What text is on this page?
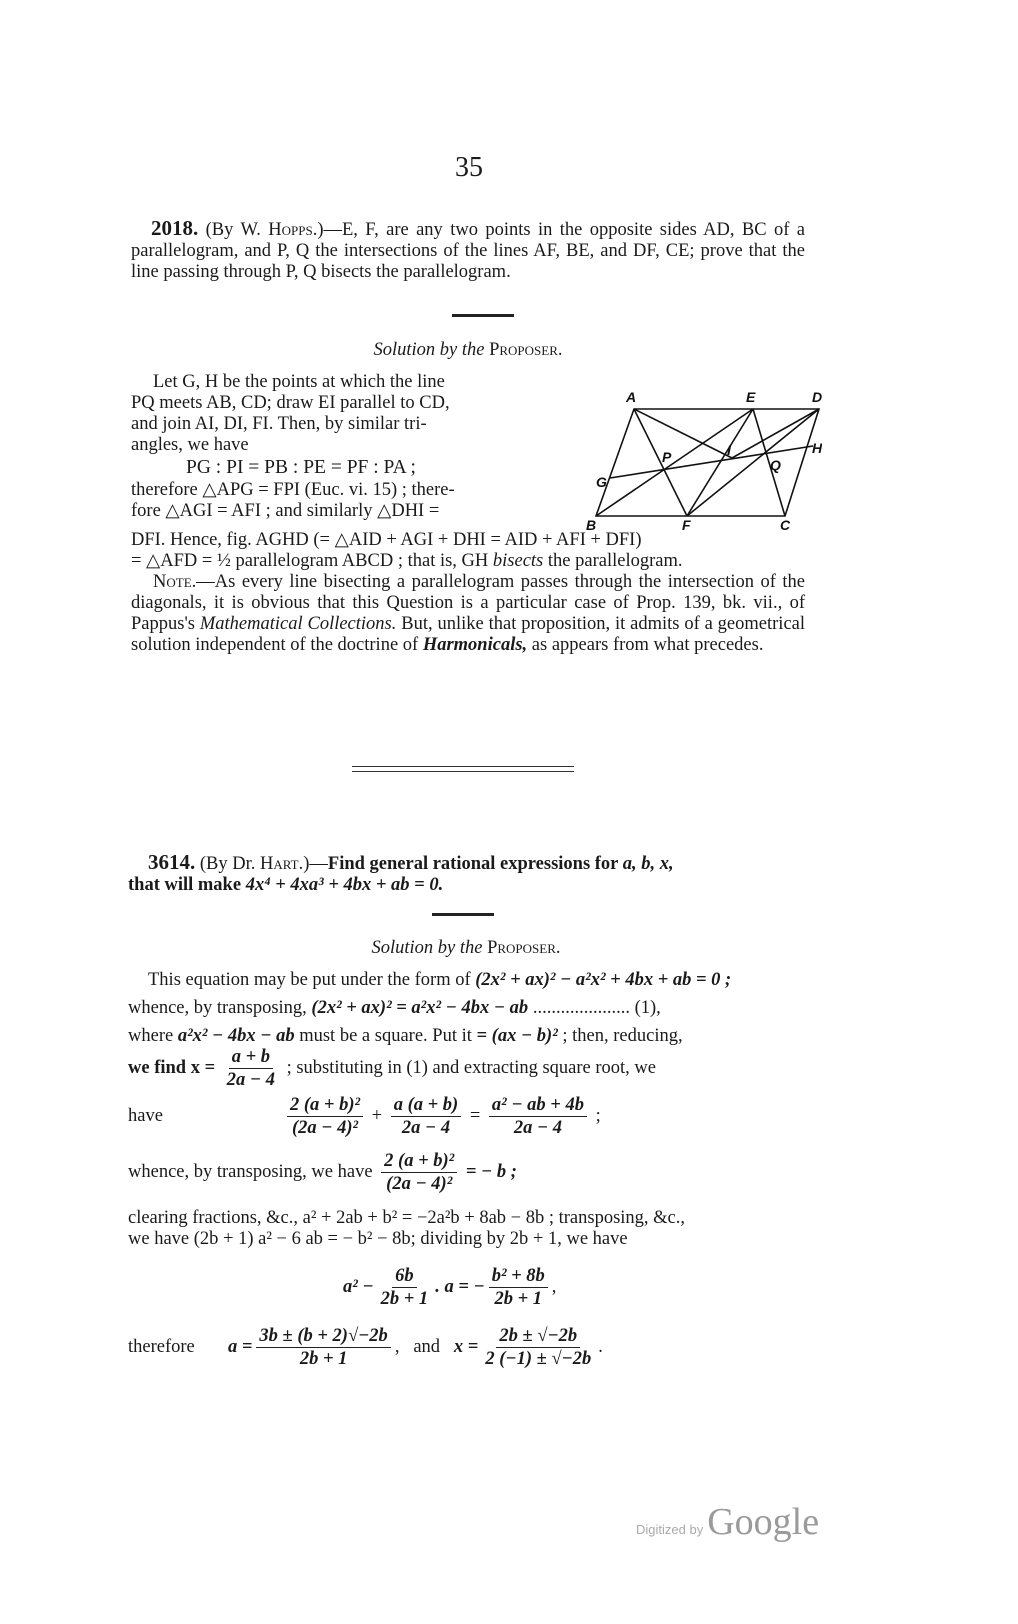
35
2018. (By W. Hopps.)—E, F, are any two points in the opposite sides AD, BC of a parallelogram, and P, Q the intersections of the lines AF, BE, and DF, CE; prove that the line passing through P, Q bisects the parallelogram.
Solution by the Proposer.
Let G, H be the points at which the line
PQ meets AB, CD; draw EI parallel to CD,
and join AI, DI, FI. Then, by similar tri-
angles, we have
PG : PI = PB : PE = PF : PA ;
therefore △APG = FPI (Euc. vi. 15) ; there-
fore △AGI = AFI ; and similarly △DHI =
A	E	D
P	I	H
Q
G
B	F	C
DFI. Hence, fig. AGHD (= △AID + AGI + DHI = AID + AFI + DFI)
= △AFD = ½ parallelogram ABCD ; that is, GH bisects the parallelogram.
Note.—As every line bisecting a parallelogram passes through the intersection of the diagonals, it is obvious that this Question is a particular case of Prop. 139, bk. vii., of Pappus's Mathematical Collections. But, unlike that proposition, it admits of a geometrical solution independent of the doctrine of Harmonicals, as appears from what precedes.
3614. (By Dr. Hart.)—Find general rational expressions for a, b, x,
that will make 4x⁴ + 4xa³ + 4bx + ab = 0.
Solution by the Proposer.
This equation may be put under the form of (2x² + ax)² − a²x² + 4bx + ab = 0 ;
whence, by transposing, (2x² + ax)² = a²x² − 4bx − ab ..................... (1),
where a²x² − 4bx − ab must be a square. Put it = (ax − b)² ; then, reducing,
we find $x = \frac{a + b}{2a - 4}$ ; substituting in (1) and extracting square root, we
have	$\frac{\text{2 (a + b)²}}{\text{(2a − 4)²}} + \frac{a (a + b)}{2a - 4} = \frac{\text{a² − ab + 4b}}{2a - 4}$ ;
whence, by transposing, we have $\frac{\text{2 (a + b)²}}{\text{(2a − 4)²}}$ = − b ;
clearing fractions, &c., a² + 2ab + b² = −2a²b + 8ab − 8b ; transposing, &c.,
we have (2b + 1) a² − 6 ab = − b² − 8b; dividing by 2b + 1, we have
$a^2 - \frac{6b}{2b + 1}$ . a = − $\frac{\text{b² + 8b}}{2b + 1}$ ,
therefore $a = \frac{3b \pm (b + 2)√-2b}{2b + 1}$ ,   and $x = \frac{2b \pm √-2b}{2 (-1) \pm √-2b}$ .
Digitized by Google
